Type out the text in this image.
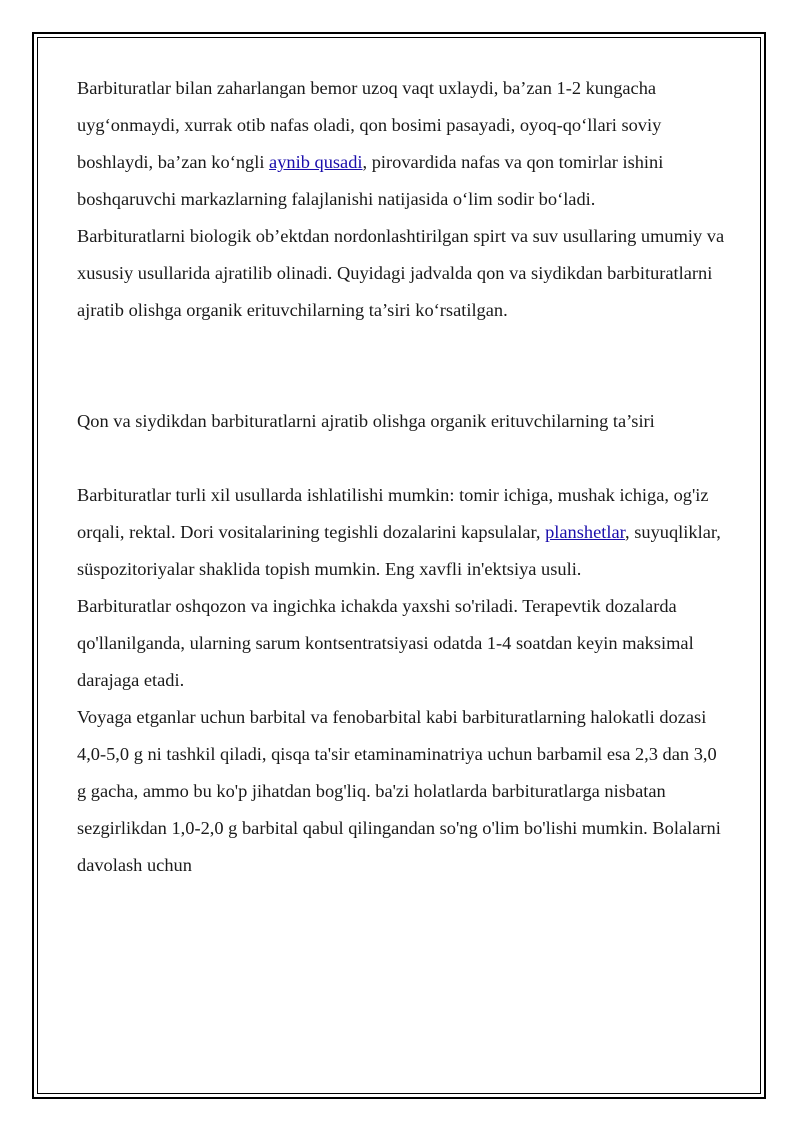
Barbituratlar bilan zaharlangan bemor uzoq vaqt uxlaydi, ba’zan 1-2 kungacha uyg‘onmaydi, xurrak otib nafas oladi, qon bosimi pasayadi, oyoq-qo‘llari soviy boshlaydi, ba’zan ko‘ngli aynib qusadi, pirovardida nafas va qon tomirlar ishini boshqaruvchi markazlarning falajlanishi natijasida o‘lim sodir bo‘ladi.

Barbituratlarni biologik ob’ektdan nordonlashtirilgan spirt va suv usullaring umumiy va xususiy usullarida ajratilib olinadi. Quyidagi jadvalda qon va siydikdan barbituratlarni ajratib olishga organik erituvchilarning ta’siri ko‘rsatilgan.

Qon va siydikdan barbituratlarni ajratib olishga organik erituvchilarning ta’siri

Barbituratlar turli xil usullarda ishlatilishi mumkin: tomir ichiga, mushak ichiga, og'iz orqali, rektal. Dori vositalarining tegishli dozalarini kapsulalar, planshetlar, suyuqliklar, süspozitoriyalar shaklida topish mumkin. Eng xavfli in'ektsiya usuli.

Barbituratlar oshqozon va ingichka ichakda yaxshi so'riladi. Terapevtik dozalarda qo'llanilganda, ularning sarum kontsentratsiyasi odatda 1-4 soatdan keyin maksimal darajaga etadi.

Voyaga etganlar uchun barbital va fenobarbital kabi barbituratlarning halokatli dozasi 4,0-5,0 g ni tashkil qiladi, qisqa ta'sir etaminaminatriya uchun barbamil esa 2,3 dan 3,0 g gacha, ammo bu ko'p jihatdan bog'liq. ba'zi holatlarda barbituratlarga nisbatan sezgirlikdan 1,0-2,0 g barbital qabul qilingandan so'ng o'lim bo'lishi mumkin. Bolalarni davolash uchun
